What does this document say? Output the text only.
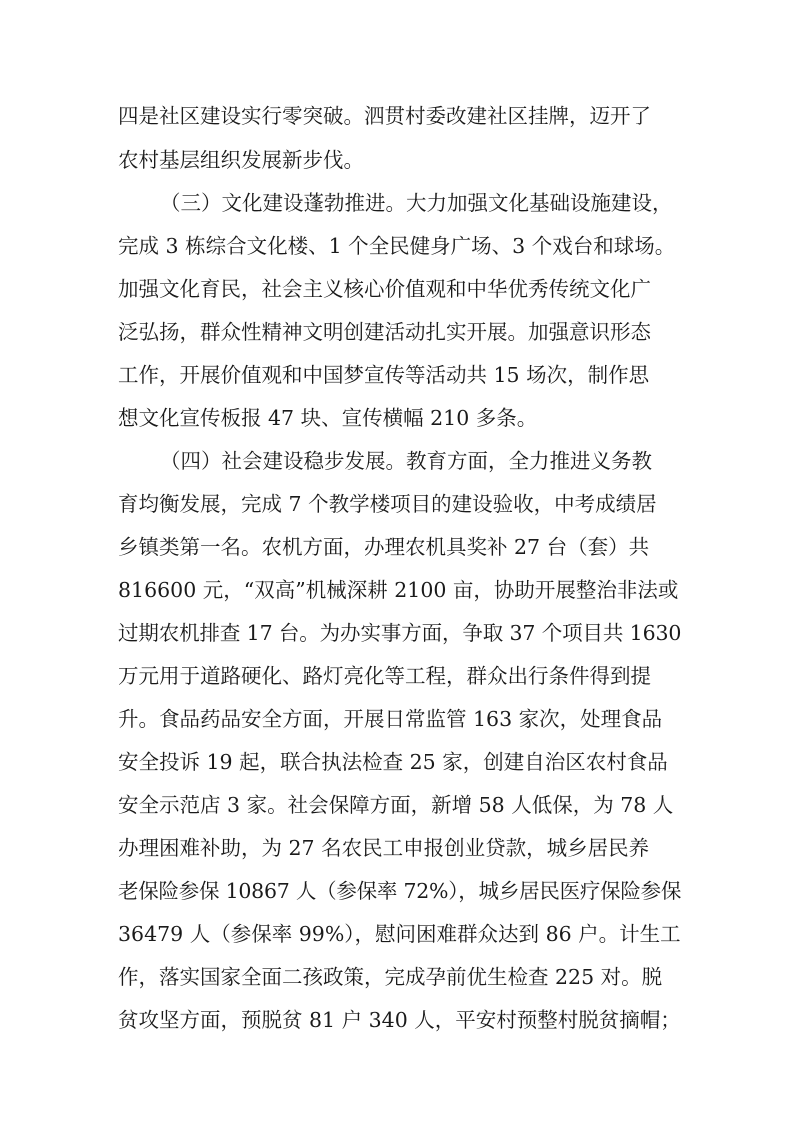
四是社区建设实行零突破。泗贯村委改建社区挂牌，迈开了

农村基层组织发展新步伐。

（三）文化建设蓬勃推进。大力加强文化基础设施建设，

完成 3 栋综合文化楼、1 个全民健身广场、3 个戏台和球场。

加强文化育民，社会主义核心价值观和中华优秀传统文化广

泛弘扬，群众性精神文明创建活动扎实开展。加强意识形态

工作，开展价值观和中国梦宣传等活动共 15 场次，制作思

想文化宣传板报 47 块、宣传横幅 210 多条。

（四）社会建设稳步发展。教育方面，全力推进义务教

育均衡发展，完成 7 个教学楼项目的建设验收，中考成绩居

乡镇类第一名。农机方面，办理农机具奖补 27 台（套）共

816600 元，“双高”机械深耕 2100 亩，协助开展整治非法或

过期农机排查 17 台。为办实事方面，争取 37 个项目共 1630

万元用于道路硬化、路灯亮化等工程，群众出行条件得到提

升。食品药品安全方面，开展日常监管 163 家次，处理食品

安全投诉 19 起，联合执法检查 25 家，创建自治区农村食品

安全示范店 3 家。社会保障方面，新增 58 人低保，为 78 人

办理困难补助，为 27 名农民工申报创业贷款，城乡居民养

老保险参保 10867 人（参保率 72%），城乡居民医疗保险参保

36479 人（参保率 99%），慰问困难群众达到 86 户。计生工

作，落实国家全面二孩政策，完成孕前优生检查 225 对。脱

贫攻坚方面，预脱贫 81 户 340 人，平安村预整村脱贫摘帽；
